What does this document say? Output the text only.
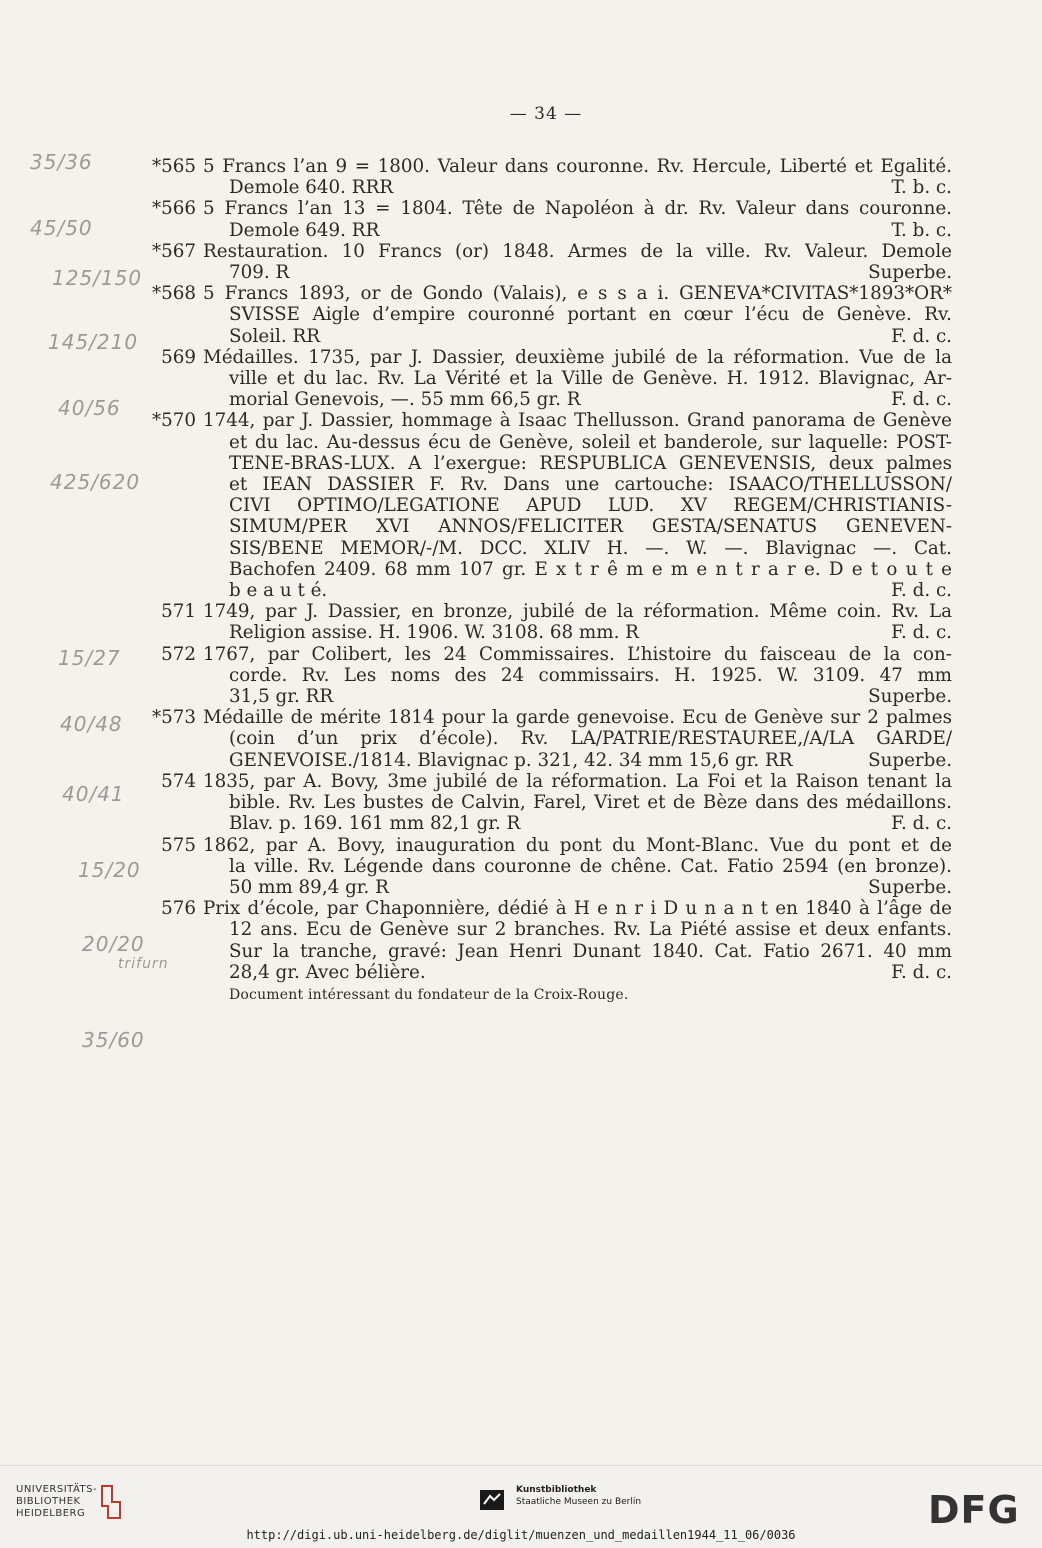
— 34 —
35/36
45/50
125/150
145/210
40/56
425/620
15/27
40/48
40/41
15/20
20/20
trifurn
35/60
*565 5 Francs l’an 9 = 1800. Valeur dans couronne. Rv. Hercule, Liberté et Egalité.
Demole 640. RRR	T. b. c.
*566 5 Francs l’an 13 = 1804. Tête de Napoléon à dr. Rv. Valeur dans couronne.
Demole 649. RR	T. b. c.
*567 Restauration. 10 Francs (or) 1848. Armes de la ville. Rv. Valeur. Demole
709. R	Superbe.
*568 5 Francs 1893, or de Gondo (Valais), e s s a i. GENEVA*CIVITAS*1893*OR*
SVISSE Aigle d’empire couronné portant en cœur l’écu de Genève. Rv.
Soleil. RR	F. d. c.
569 Médailles. 1735, par J. Dassier, deuxième jubilé de la réformation. Vue de la
ville et du lac. Rv. La Vérité et la Ville de Genève. H. 1912. Blavignac, Ar-
morial Genevois, —. 55 mm 66,5 gr. R	F. d. c.
*570 1744, par J. Dassier, hommage à Isaac Thellusson. Grand panorama de Genève
et du lac. Au-dessus écu de Genève, soleil et banderole, sur laquelle: POST-
TENE-BRAS-LUX. A l’exergue: RESPUBLICA GENEVENSIS, deux palmes
et IEAN DASSIER F. Rv. Dans une cartouche: ISAACO/THELLUSSON/
CIVI OPTIMO/LEGATIONE APUD LUD. XV REGEM/CHRISTIANIS-
SIMUM/PER XVI ANNOS/FELICITER GESTA/SENATUS GENEVEN-
SIS/BENE MEMOR/-/M. DCC. XLIV H. —. W. —. Blavignac —. Cat.
Bachofen 2409. 68 mm 107 gr. E x t r ê m e m e n t r a r e. D e t o u t e
b e a u t é.	F. d. c.
571 1749, par J. Dassier, en bronze, jubilé de la réformation. Même coin. Rv. La
Religion assise. H. 1906. W. 3108. 68 mm. R	F. d. c.
572 1767, par Colibert, les 24 Commissaires. L’histoire du faisceau de la con-
corde. Rv. Les noms des 24 commissairs. H. 1925. W. 3109. 47 mm
31,5 gr. RR	Superbe.
*573 Médaille de mérite 1814 pour la garde genevoise. Ecu de Genève sur 2 palmes
(coin d’un prix d’école). Rv. LA/PATRIE/RESTAUREE,/A/LA GARDE/
GENEVOISE./1814. Blavignac p. 321, 42. 34 mm 15,6 gr. RR	Superbe.
574 1835, par A. Bovy, 3me jubilé de la réformation. La Foi et la Raison tenant la
bible. Rv. Les bustes de Calvin, Farel, Viret et de Bèze dans des médaillons.
Blav. p. 169. 161 mm 82,1 gr. R	F. d. c.
575 1862, par A. Bovy, inauguration du pont du Mont-Blanc. Vue du pont et de
la ville. Rv. Légende dans couronne de chêne. Cat. Fatio 2594 (en bronze).
50 mm 89,4 gr. R	Superbe.
576 Prix d’école, par Chaponnière, dédié à H e n r i D u n a n t en 1840 à l’âge de
12 ans. Ecu de Genève sur 2 branches. Rv. La Piété assise et deux enfants.
Sur la tranche, gravé: Jean Henri Dunant 1840. Cat. Fatio 2671. 40 mm
28,4 gr. Avec bélière.	F. d. c.
Document intéressant du fondateur de la Croix-Rouge.
UNIVERSITÄTS-
BIBLIOTHEK
HEIDELBERG
Kunstbibliothek
Staatliche Museen zu Berlin	DFG
http://digi.ub.uni-heidelberg.de/diglit/muenzen_und_medaillen1944_11_06/0036
